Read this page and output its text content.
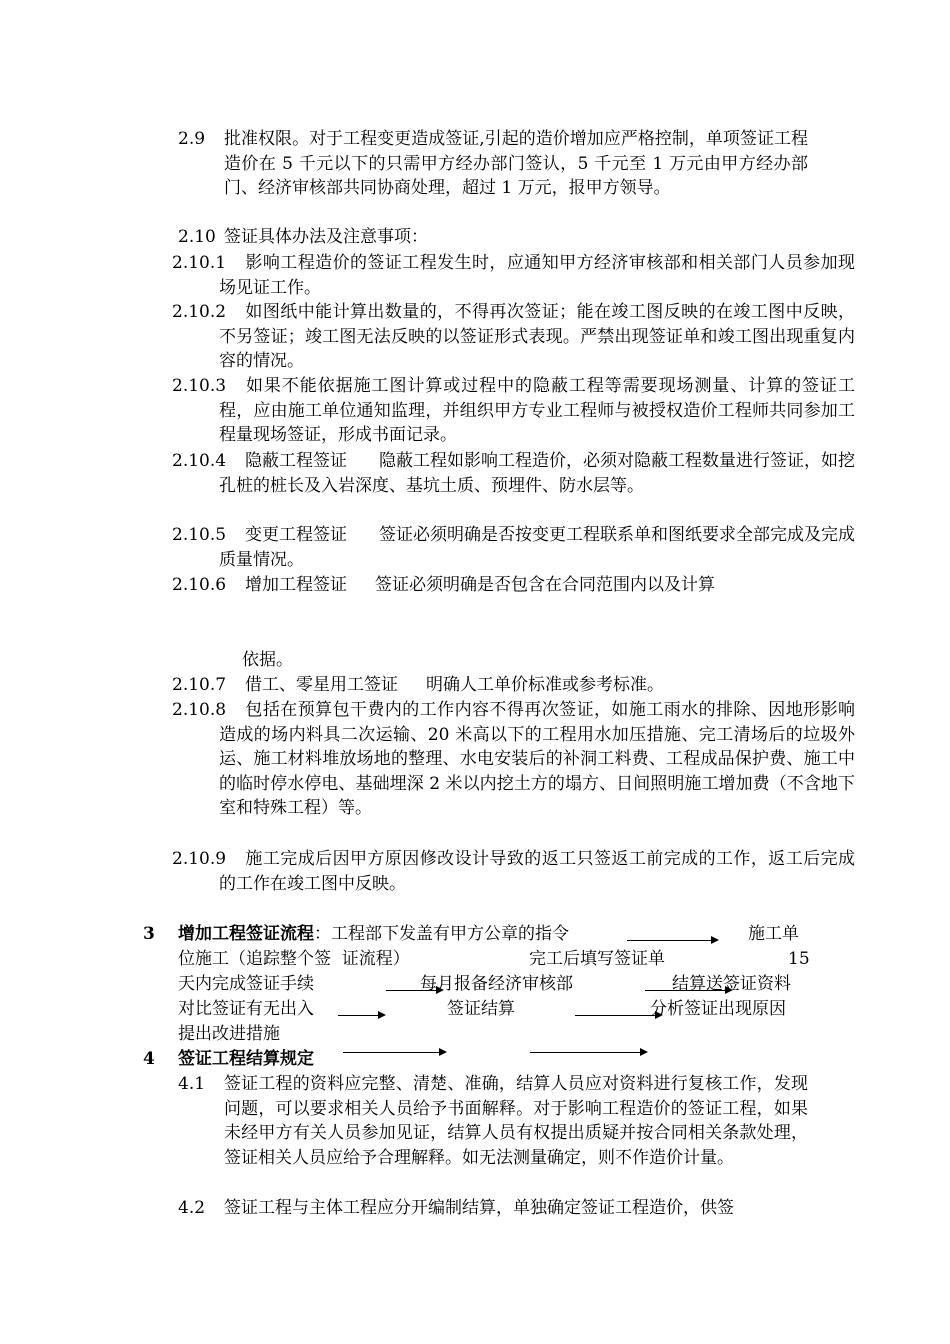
2.9	批准权限。对于工程变更造成签证,引起的造价增加应严格控制，单项签证工程造价在 5 千元以下的只需甲方经办部门签认，5 千元至 1 万元由甲方经办部门、经济审核部共同协商处理，超过 1 万元，报甲方领导。
2.10 签证具体办法及注意事项：
2.10.1 影响工程造价的签证工程发生时，应通知甲方经济审核部和相关部门人员参加现场见证工作。
2.10.2 如图纸中能计算出数量的，不得再次签证；能在竣工图反映的在竣工图中反映，不另签证；竣工图无法反映的以签证形式表现。严禁出现签证单和竣工图出现重复内容的情况。
2.10.3 如果不能依据施工图计算或过程中的隐蔽工程等需要现场测量、计算的签证工程，应由施工单位通知监理，并组织甲方专业工程师与被授权造价工程师共同参加工程量现场签证，形成书面记录。
2.10.4 隐蔽工程签证 隐蔽工程如影响工程造价，必须对隐蔽工程数量进行签证，如挖孔桩的桩长及入岩深度、基坑土质、预埋件、防水层等。
2.10.5 变更工程签证 签证必须明确是否按变更工程联系单和图纸要求全部完成及完成质量情况。
2.10.6 增加工程签证 签证必须明确是否包含在合同范围内以及计算
依据。
2.10.7 借工、零星用工签证 明确人工单价标准或参考标准。
2.10.8 包括在预算包干费内的工作内容不得再次签证，如施工雨水的排除、因地形影响造成的场内料具二次运输、20 米高以下的工程用水加压措施、完工清场后的垃圾外运、施工材料堆放场地的整理、水电安装后的补洞工料费、工程成品保护费、施工中的临时停水停电、基础埋深 2 米以内挖土方的塌方、日间照明施工增加费（不含地下室和特殊工程）等。
2.10.9 施工完成后因甲方原因修改设计导致的返工只签返工前完成的工作，返工后完成的工作在竣工图中反映。
3 增加工程签证流程：工程部下发盖有甲方公章的指令	施工单
位施工（追踪整个签  证流程）	完工后填写签证单	15
天内完成签证手续	每月报备经济审核部	结算送签证资料
对比签证有无出入	签证结算	分析签证出现原因
提出改进措施
4 签证工程结算规定
4.1	签证工程的资料应完整、清楚、准确，结算人员应对资料进行复核工作，发现问题，可以要求相关人员给予书面解释。对于影响工程造价的签证工程，如果未经甲方有关人员参加见证，结算人员有权提出质疑并按合同相关条款处理，签证相关人员应给予合理解释。如无法测量确定，则不作造价计量。
4.2	签证工程与主体工程应分开编制结算，单独确定签证工程造价，供签
